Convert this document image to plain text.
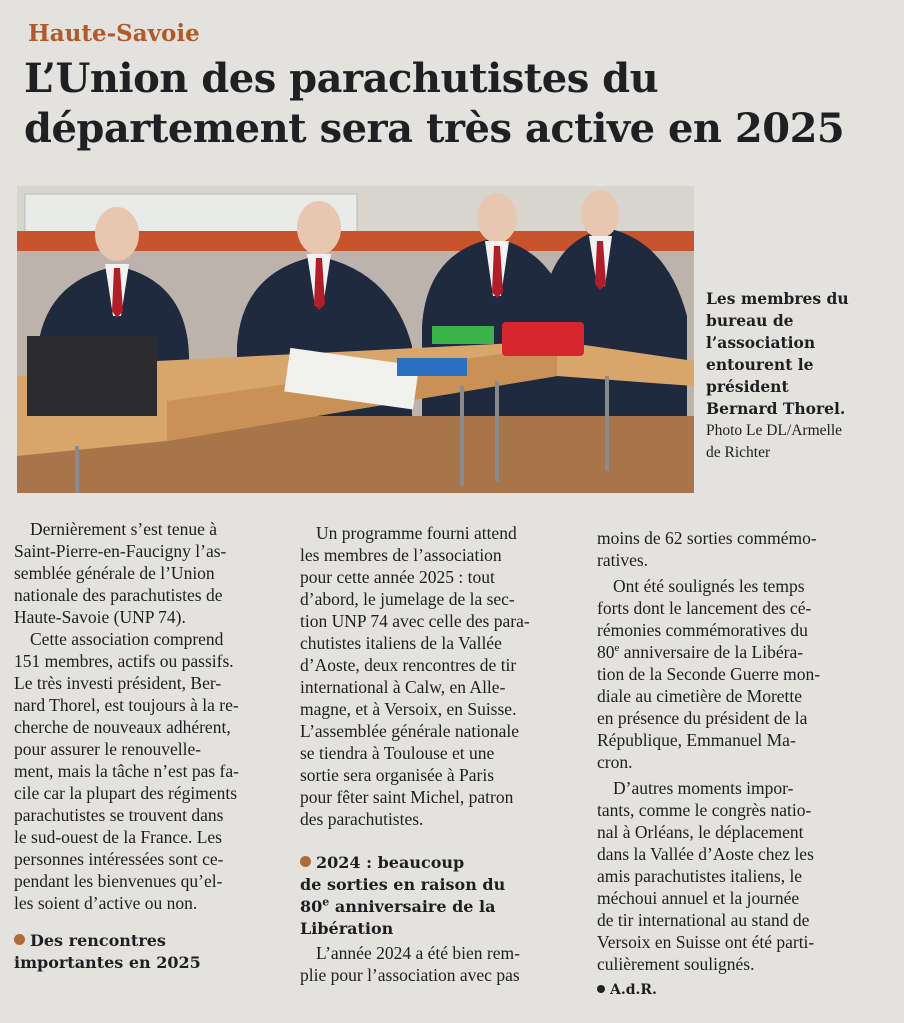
Haute-Savoie
L’Union des parachutistes du
département sera très active en 2025
Les membres du
bureau de
l’association
entourent le
président
Bernard Thorel.
Photo Le DL/Armelle
de Richter

Dernièrement s’est tenue à
Saint-Pierre-en-Faucigny l’as-
semblée générale de l’Union
nationale des parachutistes de
Haute-Savoie (UNP 74).

Cette association comprend
151 membres, actifs ou passifs.
Le très investi président, Ber-
nard Thorel, est toujours à la re-
cherche de nouveaux adhérent,
pour assurer le renouvelle-
ment, mais la tâche n’est pas fa-
cile car la plupart des régiments
parachutistes se trouvent dans
le sud-ouest de la France. Les
personnes intéressées sont ce-
pendant les bienvenues qu’el-
les soient d’active ou non.

Des rencontres
importantes en 2025

Un programme fourni attend
les membres de l’association
pour cette année 2025 : tout
d’abord, le jumelage de la sec-
tion UNP 74 avec celle des para-
chutistes italiens de la Vallée
d’Aoste, deux rencontres de tir
international à Calw, en Alle-
magne, et à Versoix, en Suisse.
L’assemblée générale nationale
se tiendra à Toulouse et une
sortie sera organisée à Paris
pour fêter saint Michel, patron
des parachutistes.

2024 : beaucoup
de sorties en raison du
80e anniversaire de la
Libération

L’année 2024 a été bien rem-
plie pour l’association avec pas

moins de 62 sorties commémo-
ratives.

Ont été soulignés les temps
forts dont le lancement des cé-
rémonies commémoratives du
80e anniversaire de la Libéra-
tion de la Seconde Guerre mon-
diale au cimetière de Morette
en présence du président de la
République, Emmanuel Ma-
cron.

D’autres moments impor-
tants, comme le congrès natio-
nal à Orléans, le déplacement
dans la Vallée d’Aoste chez les
amis parachutistes italiens, le
méchoui annuel et la journée
de tir international au stand de
Versoix en Suisse ont été parti-
culièrement soulignés.

A.d.R.
